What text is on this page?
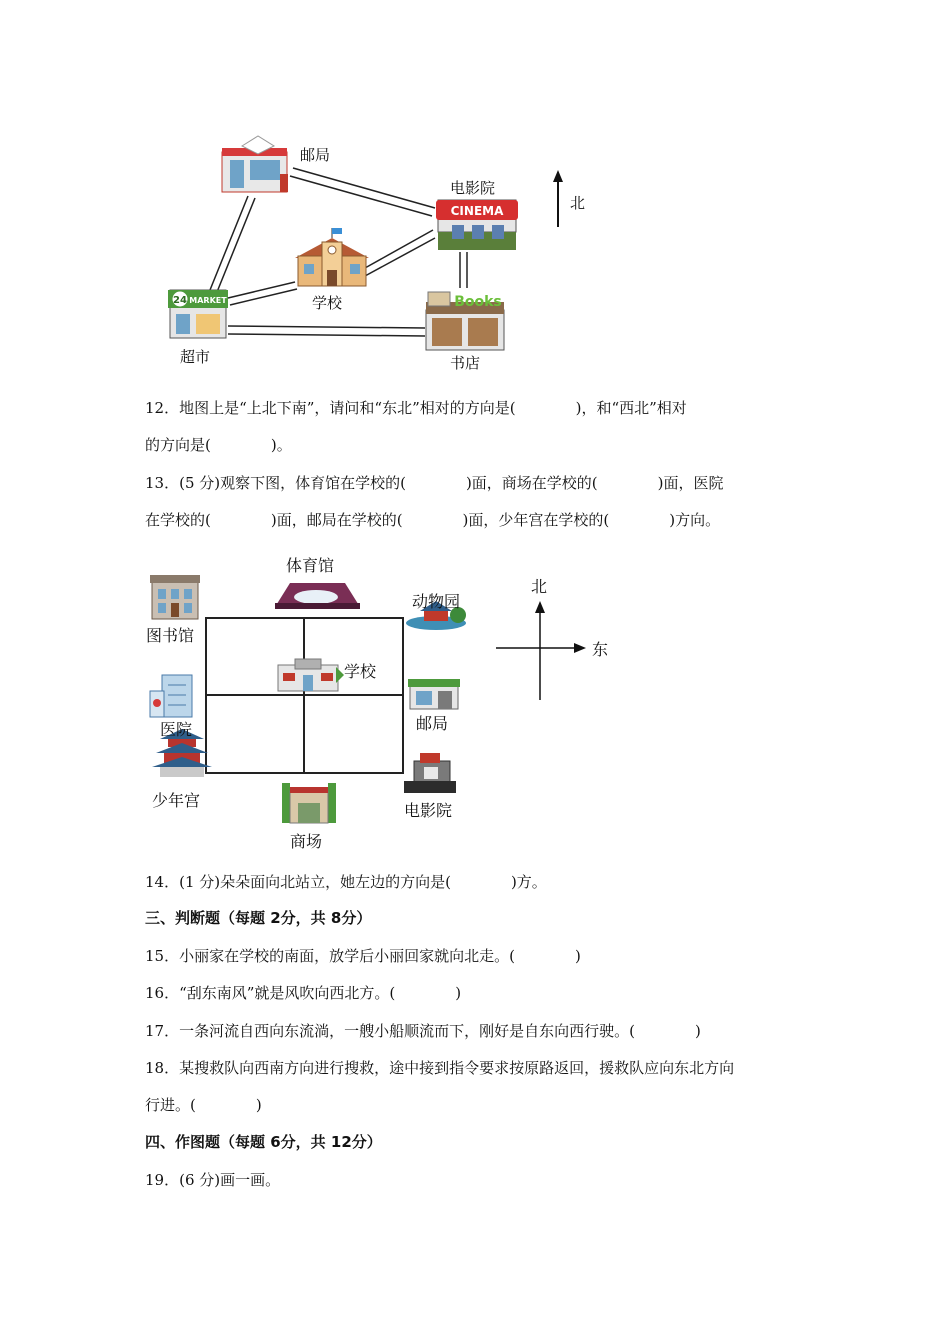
CINEMA
24 MARKET	Books
邮局
电影院
北
学校
超市	书店
12．地图上是“上北下南”，请问和“东北”相对的方向是(　　　　)，和“西北”相对
的方向是(　　　　)。
13．(5 分)观察下图，体育馆在学校的(　　　　)面，商场在学校的(　　　　)面，医院
在学校的(　　　　)面，邮局在学校的(　　　　)面，少年宫在学校的(　　　　)方向。
体育馆
图书馆
动物园
学校
医院	邮局
少年宫
商场
电影院
北
东
14．(1 分)朵朵面向北站立，她左边的方向是(　　　　)方。
三、判断题（每题 2分，共 8分）
15．小丽家在学校的南面，放学后小丽回家就向北走。(　　　　)
16．“刮东南风”就是风吹向西北方。(　　　　)
17．一条河流自西向东流淌，一艘小船顺流而下，刚好是自东向西行驶。(　　　　)
18．某搜救队向西南方向进行搜救，途中接到指令要求按原路返回，援救队应向东北方向
行进。(　　　　)
四、作图题（每题 6分，共 12分）
19．(6 分)画一画。
